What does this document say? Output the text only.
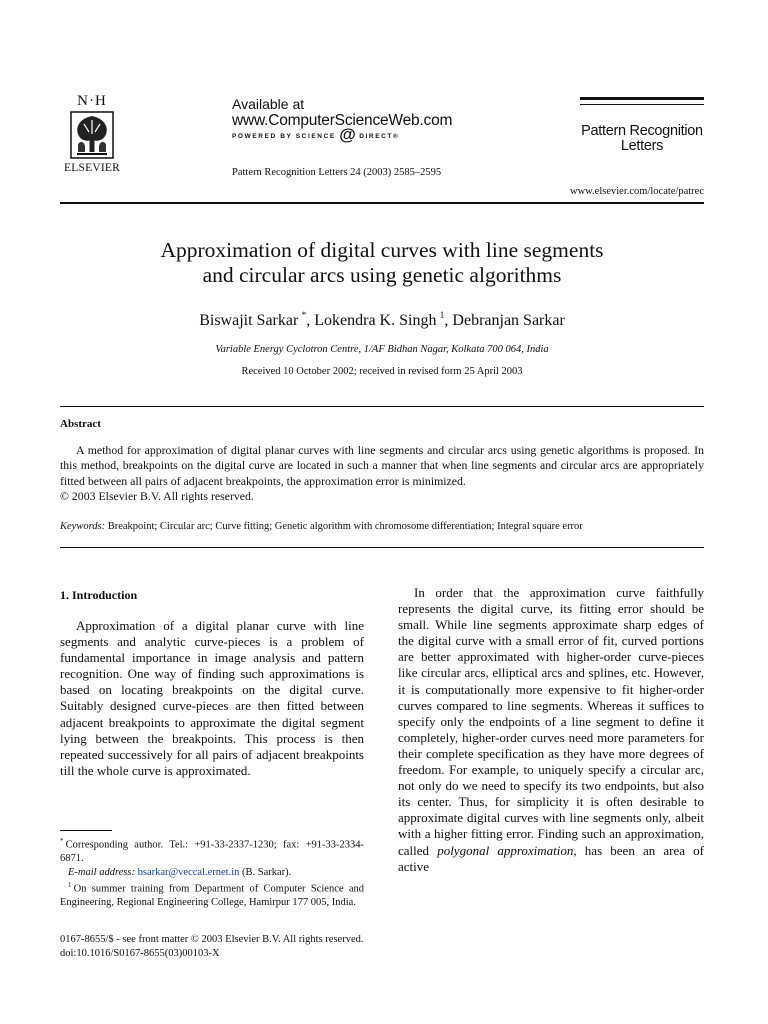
N·H
ELSEVIER
Available at
www.ComputerScienceWeb.com
POWERED BY SCIENCE @ DIRECT®
Pattern Recognition Letters 24 (2003) 2585–2595
Pattern Recognition
Letters
www.elsevier.com/locate/patrec
Approximation of digital curves with line segments
and circular arcs using genetic algorithms
Biswajit Sarkar  *, Lokendra K. Singh  $^1$, Debranjan Sarkar
Variable Energy Cyclotron Centre, 1/AF Bidhan Nagar, Kolkata 700 064, India
Received 10 October 2002; received in revised form 25 April 2003
Abstract

A method for approximation of digital planar curves with line segments and circular arcs using genetic algorithms is proposed. In this method, breakpoints on the digital curve are located in such a manner that when line segments and circular arcs are appropriately fitted between all pairs of adjacent breakpoints, the approximation error is minimized.

© 2003 Elsevier B.V. All rights reserved.

Keywords: Breakpoint; Circular arc; Curve fitting; Genetic algorithm with chromosome differentiation; Integral square error
1. Introduction

Approximation of a digital planar curve with line segments and analytic curve-pieces is a problem of fundamental importance in image analysis and pattern recognition. One way of finding such approximations is based on locating breakpoints on the digital curve. Suitably designed curve-pieces are then fitted between adjacent breakpoints to approximate the digital segment lying between the breakpoints. This process is then repeated successively for all pairs of adjacent breakpoints till the whole curve is approximated.

*  Corresponding author. Tel.: +91-33-2337-1230; fax: +91-33-2334-6871.

E-mail address: bsarkar@veccal.ernet.in (B. Sarkar).

$^1$  On summer training from Department of Computer Science and Engineering, Regional Engineering College, Hamirpur 177 005, India.

In order that the approximation curve faithfully represents the digital curve, its fitting error should be small. While line segments approximate sharp edges of the digital curve with a small error of fit, curved portions are better approximated with higher-order curve-pieces like circular arcs, elliptical arcs and splines, etc. However, it is computationally more expensive to fit higher-order curves compared to line segments. Whereas it suffices to specify only the endpoints of a line segment to define it completely, higher-order curves need more parameters for their complete specification as they have more degrees of freedom. For example, to uniquely specify a circular arc, not only do we need to specify its two endpoints, but also its center. Thus, for simplicity it is often desirable to approximate digital curves with line segments only, albeit with a higher fitting error. Finding such an approximation, called polygonal approximation, has been an area of active

0167-8655/$ - see front matter © 2003 Elsevier B.V. All rights reserved.
doi:10.1016/S0167-8655(03)00103-X
